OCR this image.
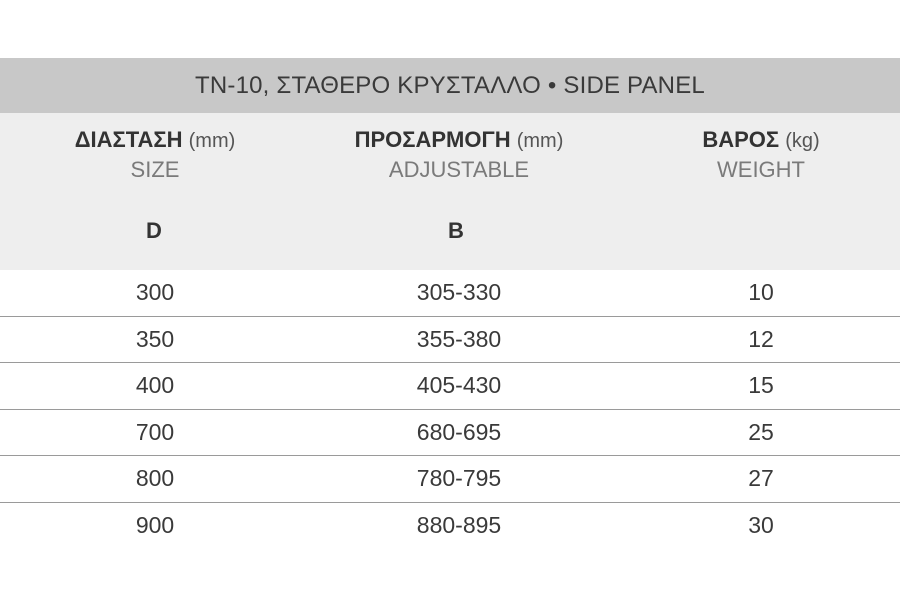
TN-10, ΣΤΑΘΕΡΟ ΚΡΥΣΤΑΛΛΟ • SIDE PANEL
ΔΙΑΣΤΑΣΗ (mm)
SIZE
ΠΡΟΣΑΡΜΟΓΗ (mm)
ADJUSTABLE
ΒΑΡΟΣ (kg)
WEIGHT
D	B
300	305-330	10
350	355-380	12
400	405-430	15
700	680-695	25
800	780-795	27
900	880-895	30
